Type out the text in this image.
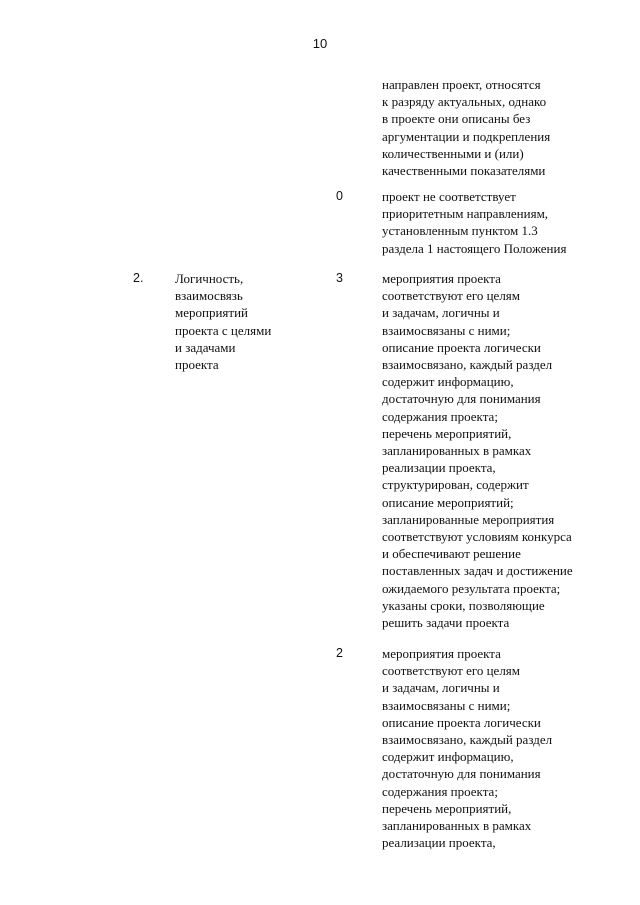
10
направлен проект, относятся
к разряду актуальных, однако
в проекте они описаны без
аргументации и подкрепления
количественными и (или)
качественными показателями
0	проект не соответствует
приоритетным направлениям,
установленным пунктом 1.3
раздела 1 настоящего Положения
2. Логичность,
взаимосвязь
мероприятий
проекта с целями
и задачами
проекта
3	мероприятия проекта
соответствуют его целям
и задачам, логичны и
взаимосвязаны с ними;
описание проекта логически
взаимосвязано, каждый раздел
содержит информацию,
достаточную для понимания
содержания проекта;
перечень мероприятий,
запланированных в рамках
реализации проекта,
структурирован, содержит
описание мероприятий;
запланированные мероприятия
соответствуют условиям конкурса
и обеспечивают решение
поставленных задач и достижение
ожидаемого результата проекта;
указаны сроки, позволяющие
решить задачи проекта
2	мероприятия проекта
соответствуют его целям
и задачам, логичны и
взаимосвязаны с ними;
описание проекта логически
взаимосвязано, каждый раздел
содержит информацию,
достаточную для понимания
содержания проекта;
перечень мероприятий,
запланированных в рамках
реализации проекта,
